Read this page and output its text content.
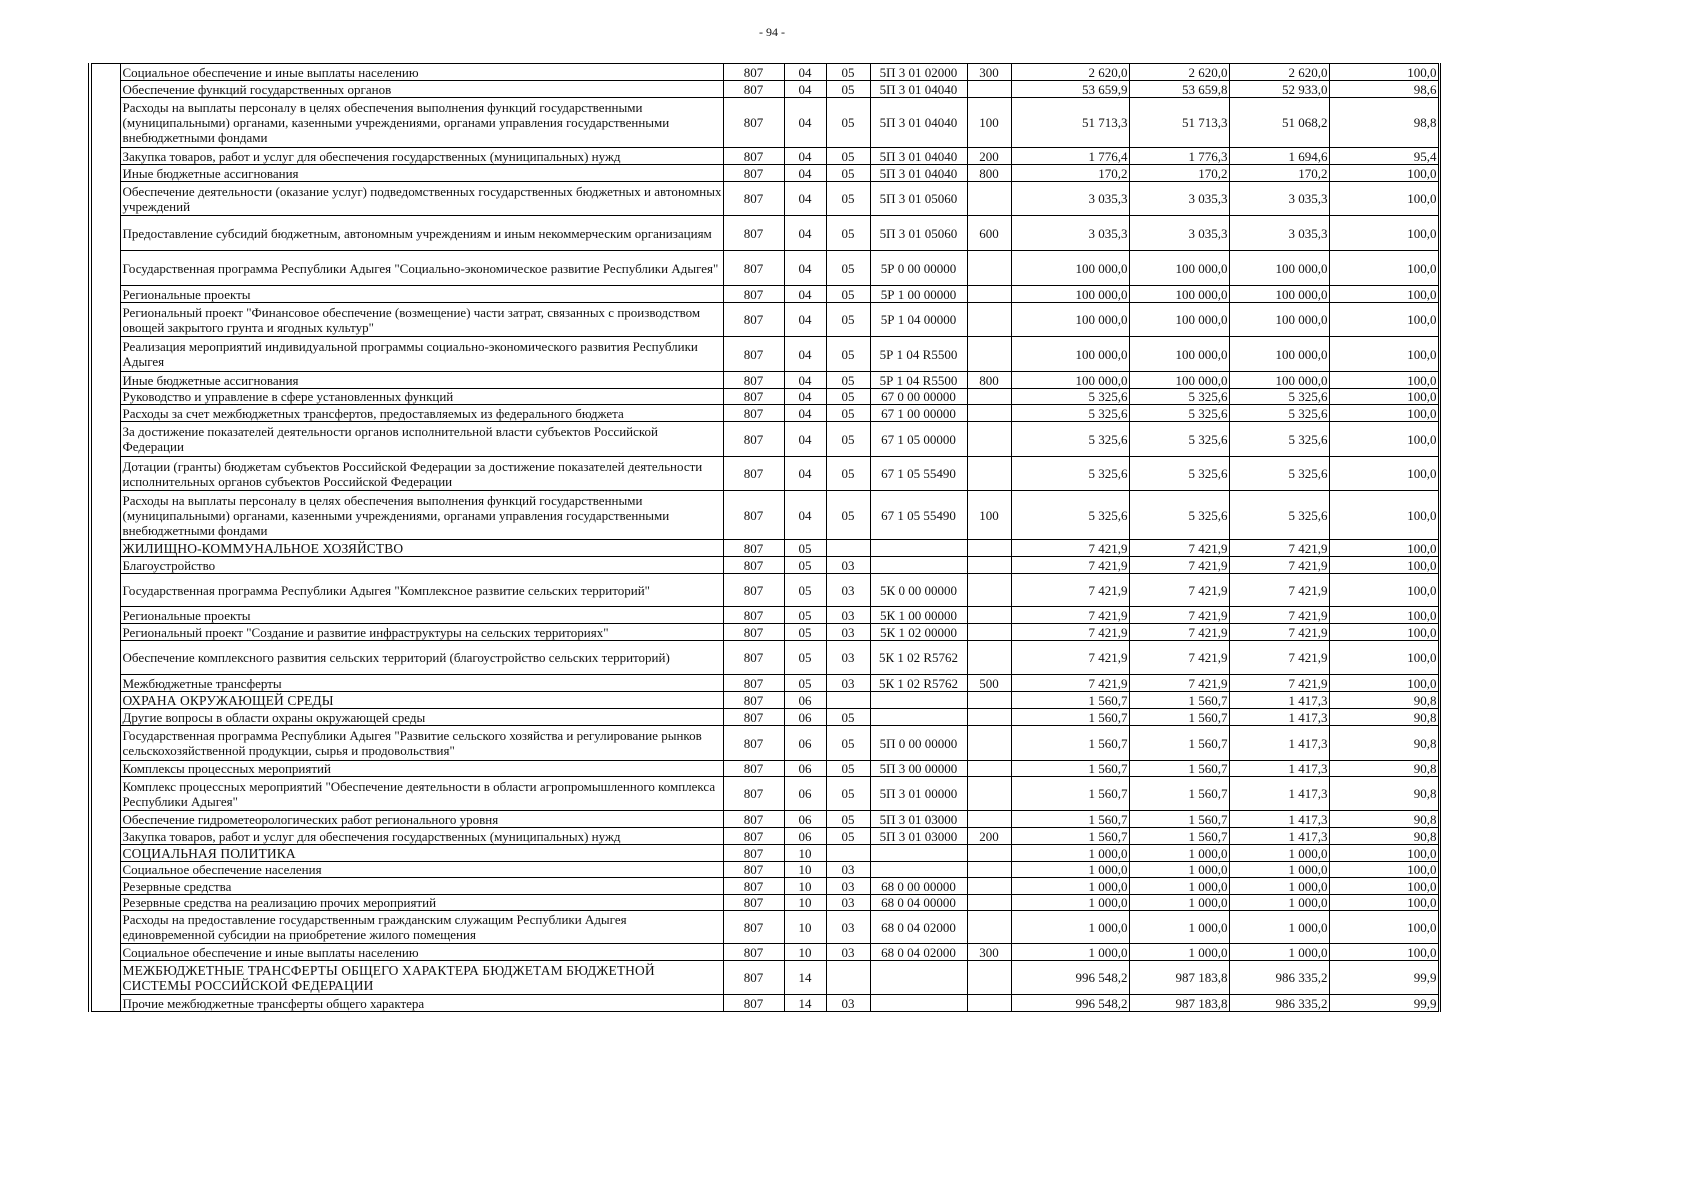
- 94 -
	Социальное обеспечение и иные выплаты населению	807	04	05	5П 3 01 02000	300	2 620,0	2 620,0	2 620,0	100,0
	Обеспечение функций государственных органов	807	04	05	5П 3 01 04040		53 659,9	53 659,8	52 933,0	98,6
	Расходы на выплаты персоналу в целях обеспечения выполнения функций государственными (муниципальными) органами, казенными учреждениями, органами управления государственными внебюджетными фондами	807	04	05	5П 3 01 04040	100	51 713,3	51 713,3	51 068,2	98,8
	Закупка товаров, работ и услуг для обеспечения государственных (муниципальных) нужд	807	04	05	5П 3 01 04040	200	1 776,4	1 776,3	1 694,6	95,4
	Иные бюджетные ассигнования	807	04	05	5П 3 01 04040	800	170,2	170,2	170,2	100,0
	Обеспечение деятельности (оказание услуг) подведомственных государственных бюджетных и автономных учреждений	807	04	05	5П 3 01 05060		3 035,3	3 035,3	3 035,3	100,0
	Предоставление субсидий бюджетным, автономным учреждениям и иным некоммерческим организациям	807	04	05	5П 3 01 05060	600	3 035,3	3 035,3	3 035,3	100,0
	Государственная программа Республики Адыгея "Социально-экономическое развитие Республики Адыгея"	807	04	05	5Р 0 00 00000		100 000,0	100 000,0	100 000,0	100,0
	Региональные проекты	807	04	05	5Р 1 00 00000		100 000,0	100 000,0	100 000,0	100,0
	Региональный проект "Финансовое обеспечение (возмещение) части затрат, связанных с производством овощей закрытого грунта и ягодных культур"	807	04	05	5Р 1 04 00000		100 000,0	100 000,0	100 000,0	100,0
	Реализация мероприятий индивидуальной программы социально-экономического развития Республики Адыгея	807	04	05	5Р 1 04 R5500		100 000,0	100 000,0	100 000,0	100,0
	Иные бюджетные ассигнования	807	04	05	5Р 1 04 R5500	800	100 000,0	100 000,0	100 000,0	100,0
	Руководство и управление в сфере установленных функций	807	04	05	67 0 00 00000		5 325,6	5 325,6	5 325,6	100,0
	Расходы за счет межбюджетных трансфертов, предоставляемых из федерального бюджета	807	04	05	67 1 00 00000		5 325,6	5 325,6	5 325,6	100,0
	За достижение показателей деятельности органов исполнительной власти субъектов Российской Федерации	807	04	05	67 1 05 00000		5 325,6	5 325,6	5 325,6	100,0
	Дотации (гранты) бюджетам субъектов Российской Федерации за достижение показателей деятельности исполнительных органов субъектов Российской Федерации	807	04	05	67 1 05 55490		5 325,6	5 325,6	5 325,6	100,0
	Расходы на выплаты персоналу в целях обеспечения выполнения функций государственными (муниципальными) органами, казенными учреждениями, органами управления государственными внебюджетными фондами	807	04	05	67 1 05 55490	100	5 325,6	5 325,6	5 325,6	100,0
	ЖИЛИЩНО-КОММУНАЛЬНОЕ ХОЗЯЙСТВО	807	05				7 421,9	7 421,9	7 421,9	100,0
	Благоустройство	807	05	03			7 421,9	7 421,9	7 421,9	100,0
	Государственная программа Республики Адыгея "Комплексное развитие сельских территорий"	807	05	03	5К 0 00 00000		7 421,9	7 421,9	7 421,9	100,0
	Региональные проекты	807	05	03	5К 1 00 00000		7 421,9	7 421,9	7 421,9	100,0
	Региональный проект "Создание и развитие инфраструктуры на сельских территориях"	807	05	03	5К 1 02 00000		7 421,9	7 421,9	7 421,9	100,0
	Обеспечение комплексного развития сельских территорий (благоустройство сельских территорий)	807	05	03	5К 1 02 R5762		7 421,9	7 421,9	7 421,9	100,0
	Межбюджетные трансферты	807	05	03	5К 1 02 R5762	500	7 421,9	7 421,9	7 421,9	100,0
	ОХРАНА ОКРУЖАЮЩЕЙ СРЕДЫ	807	06				1 560,7	1 560,7	1 417,3	90,8
	Другие вопросы в области охраны окружающей среды	807	06	05			1 560,7	1 560,7	1 417,3	90,8
	Государственная программа Республики Адыгея "Развитие сельского хозяйства и регулирование рынков сельскохозяйственной продукции, сырья и продовольствия"	807	06	05	5П 0 00 00000		1 560,7	1 560,7	1 417,3	90,8
	Комплексы процессных мероприятий	807	06	05	5П 3 00 00000		1 560,7	1 560,7	1 417,3	90,8
	Комплекс процессных мероприятий "Обеспечение деятельности в области агропромышленного комплекса Республики Адыгея"	807	06	05	5П 3 01 00000		1 560,7	1 560,7	1 417,3	90,8
	Обеспечение гидрометеорологических работ регионального уровня	807	06	05	5П 3 01 03000		1 560,7	1 560,7	1 417,3	90,8
	Закупка товаров, работ и услуг для обеспечения государственных (муниципальных) нужд	807	06	05	5П 3 01 03000	200	1 560,7	1 560,7	1 417,3	90,8
	СОЦИАЛЬНАЯ ПОЛИТИКА	807	10				1 000,0	1 000,0	1 000,0	100,0
	Социальное обеспечение населения	807	10	03			1 000,0	1 000,0	1 000,0	100,0
	Резервные средства	807	10	03	68 0 00 00000		1 000,0	1 000,0	1 000,0	100,0
	Резервные средства на реализацию прочих мероприятий	807	10	03	68 0 04 00000		1 000,0	1 000,0	1 000,0	100,0
	Расходы на предоставление государственным гражданским служащим Республики Адыгея единовременной субсидии на приобретение жилого помещения	807	10	03	68 0 04 02000		1 000,0	1 000,0	1 000,0	100,0
	Социальное обеспечение и иные выплаты населению	807	10	03	68 0 04 02000	300	1 000,0	1 000,0	1 000,0	100,0
	МЕЖБЮДЖЕТНЫЕ ТРАНСФЕРТЫ ОБЩЕГО ХАРАКТЕРА БЮДЖЕТАМ БЮДЖЕТНОЙ СИСТЕМЫ РОССИЙСКОЙ ФЕДЕРАЦИИ	807	14				996 548,2	987 183,8	986 335,2	99,9
	Прочие межбюджетные трансферты общего характера	807	14	03			996 548,2	987 183,8	986 335,2	99,9
